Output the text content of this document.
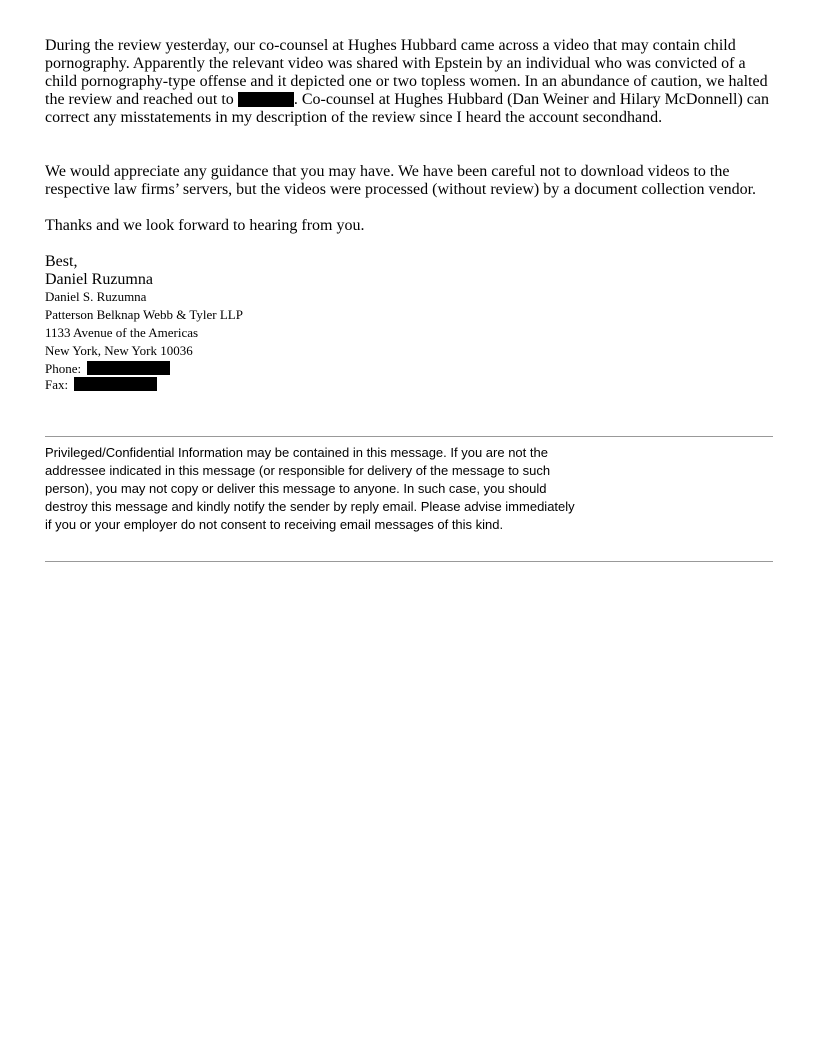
During the review yesterday, our co-counsel at Hughes Hubbard came across a video that may contain child pornography. Apparently the relevant video was shared with Epstein by an individual who was convicted of a child pornography-type offense and it depicted one or two topless women. In an abundance of caution, we halted the review and reached out to	. Co-counsel at Hughes Hubbard (Dan Weiner and Hilary McDonnell) can correct any misstatements in my description of the review since I heard the account secondhand.

We would appreciate any guidance that you may have. We have been careful not to download videos to the respective law firms’ servers, but the videos were processed (without review) by a document collection vendor.

Thanks and we look forward to hearing from you.

Best,
Daniel Ruzumna
Daniel S. Ruzumna
Patterson Belknap Webb & Tyler LLP
1133 Avenue of the Americas
New York, New York 10036
Phone:
Fax:

Privileged/Confidential Information may be contained in this message. If you are not the addressee indicated in this message (or responsible for delivery of the message to such person), you may not copy or deliver this message to anyone. In such case, you should destroy this message and kindly notify the sender by reply email. Please advise immediately if you or your employer do not consent to receiving email messages of this kind.
